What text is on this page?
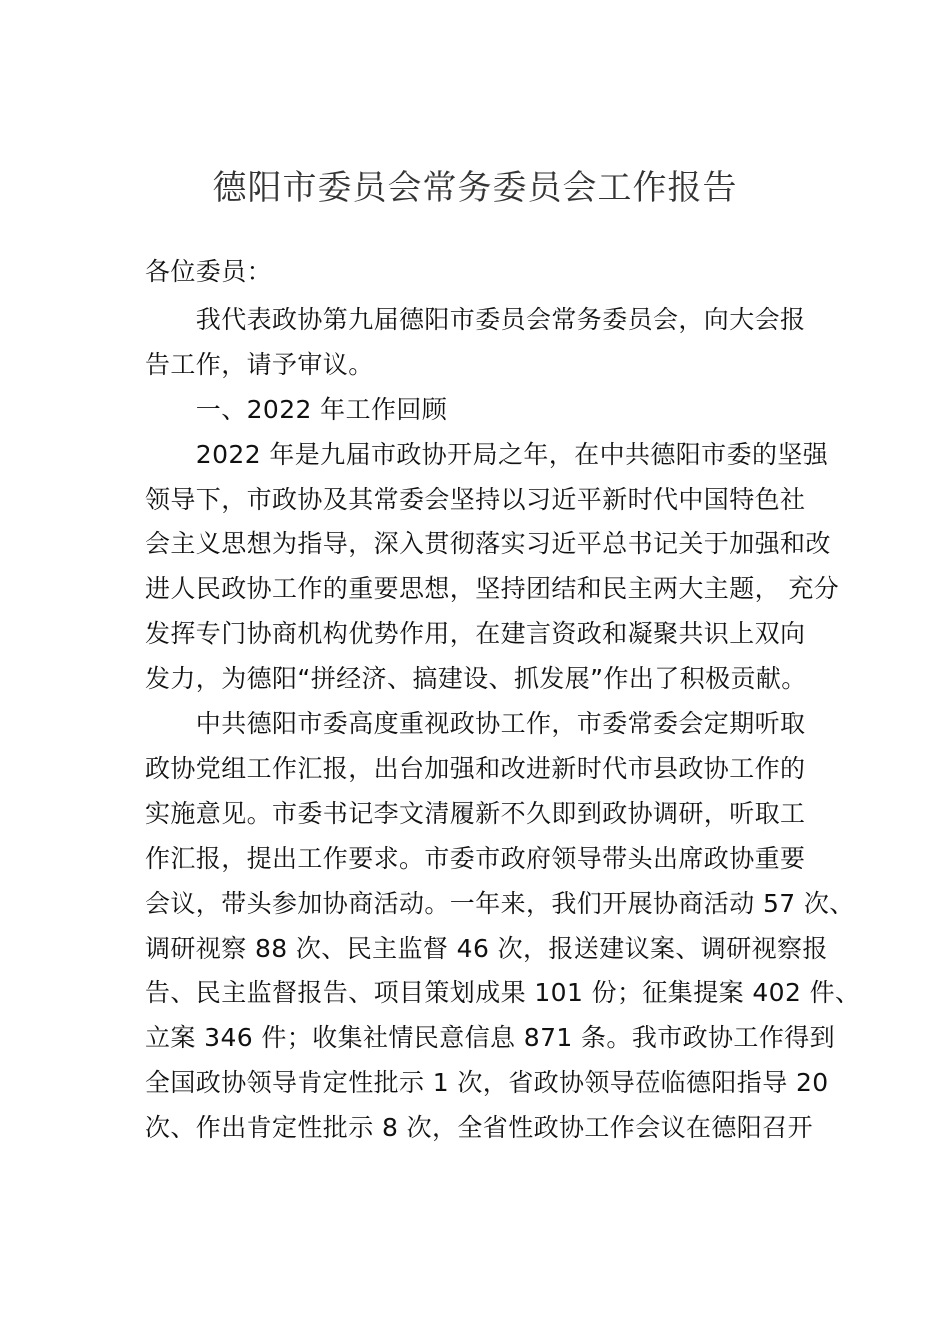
德阳市委员会常务委员会工作报告
各位委员：
　　我代表政协第九届德阳市委员会常务委员会，向大会报
告工作，请予审议。
　　一、2022 年工作回顾
　　2022 年是九届市政协开局之年，在中共德阳市委的坚强
领导下，市政协及其常委会坚持以习近平新时代中国特色社
会主义思想为指导，深入贯彻落实习近平总书记关于加强和改
进人民政协工作的重要思想，坚持团结和民主两大主题， 充分
发挥专门协商机构优势作用，在建言资政和凝聚共识上双向
发力，为德阳“拼经济、搞建设、抓发展”作出了积极贡献。
　　中共德阳市委高度重视政协工作，市委常委会定期听取
政协党组工作汇报，出台加强和改进新时代市县政协工作的
实施意见。市委书记李文清履新不久即到政协调研，听取工
作汇报，提出工作要求。市委市政府领导带头出席政协重要
会议，带头参加协商活动。一年来，我们开展协商活动 57 次、
调研视察 88 次、民主监督 46 次，报送建议案、调研视察报
告、民主监督报告、项目策划成果 101 份；征集提案 402 件、
立案 346 件；收集社情民意信息 871 条。我市政协工作得到
全国政协领导肯定性批示 1 次，省政协领导莅临德阳指导 20
次、作出肯定性批示 8 次，全省性政协工作会议在德阳召开
